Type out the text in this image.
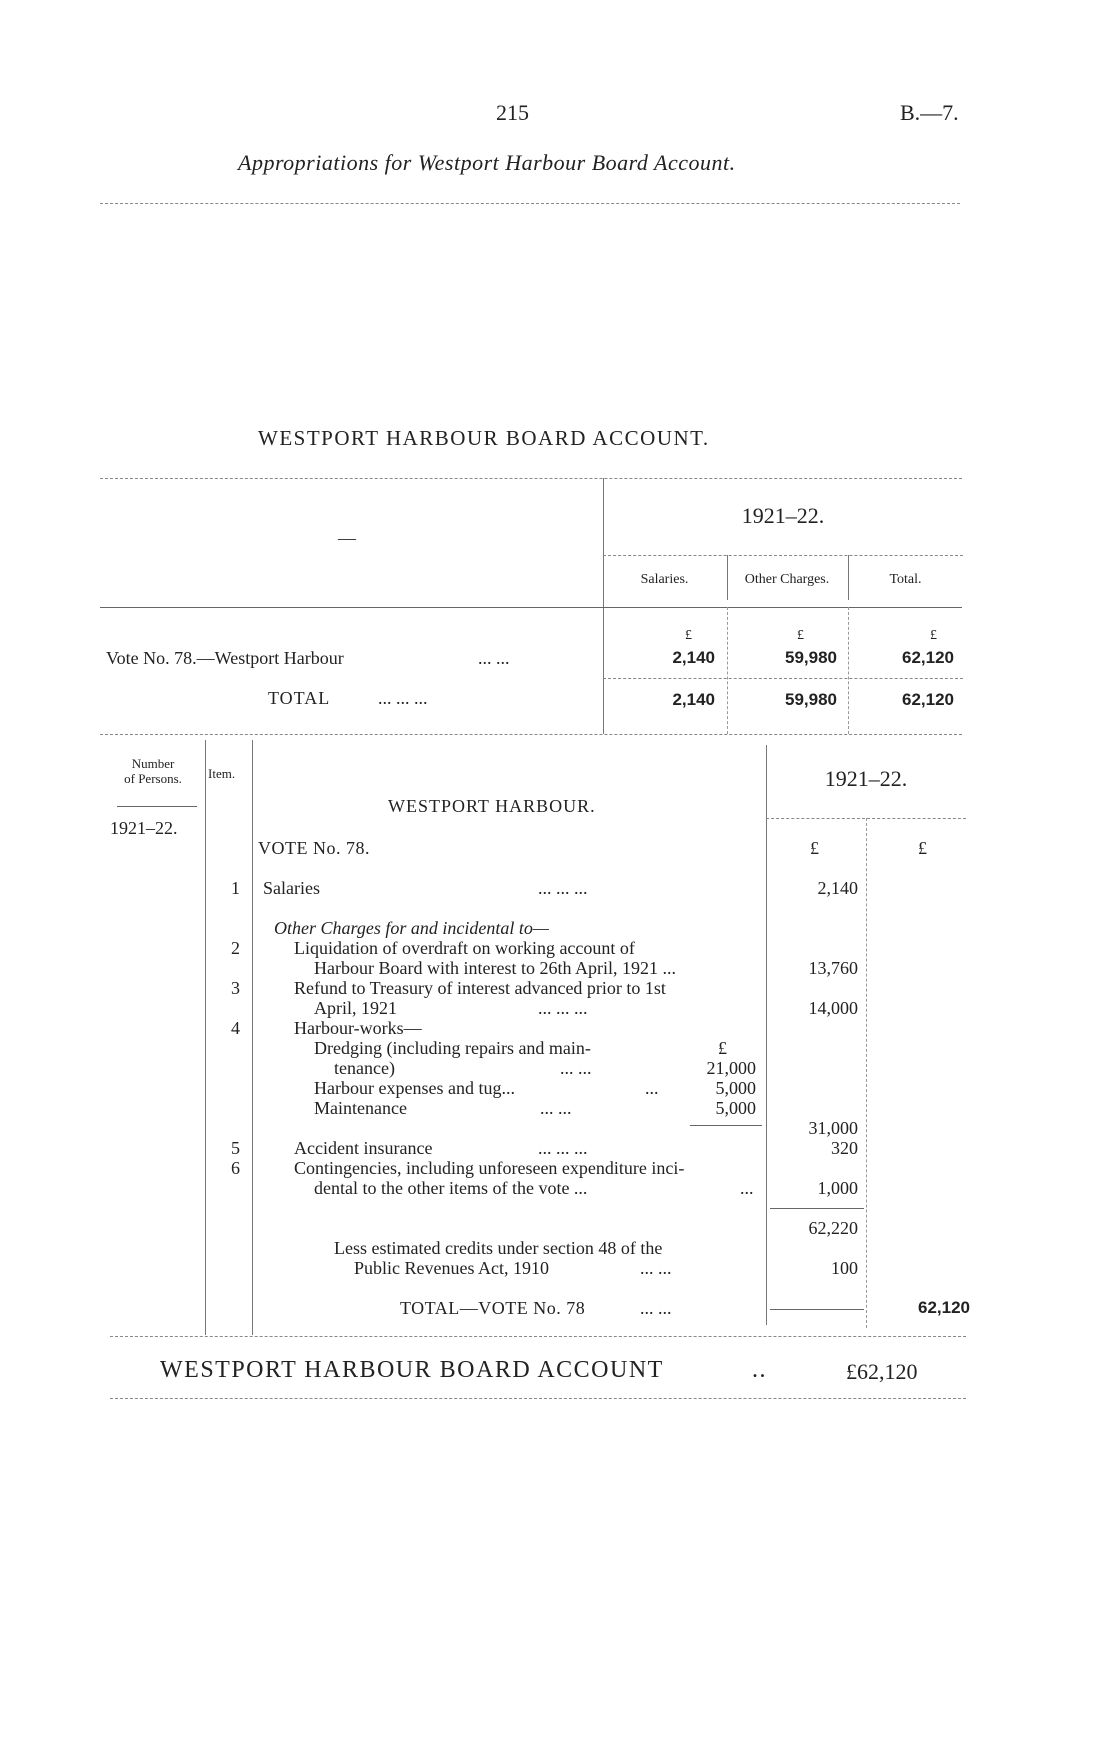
215	B.—7.
Appropriations for Westport Harbour Board Account.
WESTPORT HARBOUR BOARD ACCOUNT.
—
1921–22.
Salaries.	Other Charges.	Total.
£	£	£
Vote No. 78.—Westport Harbour	... ...	2,140	59,980	62,120
TOTAL	... ... ...	2,140	59,980	62,120
Number
of Persons.	Item.
1921–22.
WESTPORT HARBOUR.
VOTE No. 78.
1921–22.
£	£
1 Salaries	... ... ...	2,140
Other Charges for and incidental to—
2	Liquidation of overdraft on working account of
Harbour Board with interest to 26th April, 1921 ...	13,760
3	Refund to Treasury of interest advanced prior to 1st
April, 1921	... ... ...	14,000
4	Harbour-works—
Dredging (including repairs and main-	£
tenance)	... ...	21,000
Harbour expenses and tug...	...	5,000
Maintenance	... ...	5,000
31,000
5	Accident insurance	... ... ...	320
6	Contingencies, including unforeseen expenditure inci-
dental to the other items of the vote ...	...	1,000
62,220
Less estimated credits under section 48 of the
Public Revenues Act, 1910	... ...	100
TOTAL—VOTE No. 78	... ...	62,120
WESTPORT HARBOUR BOARD ACCOUNT	..	£62,120
